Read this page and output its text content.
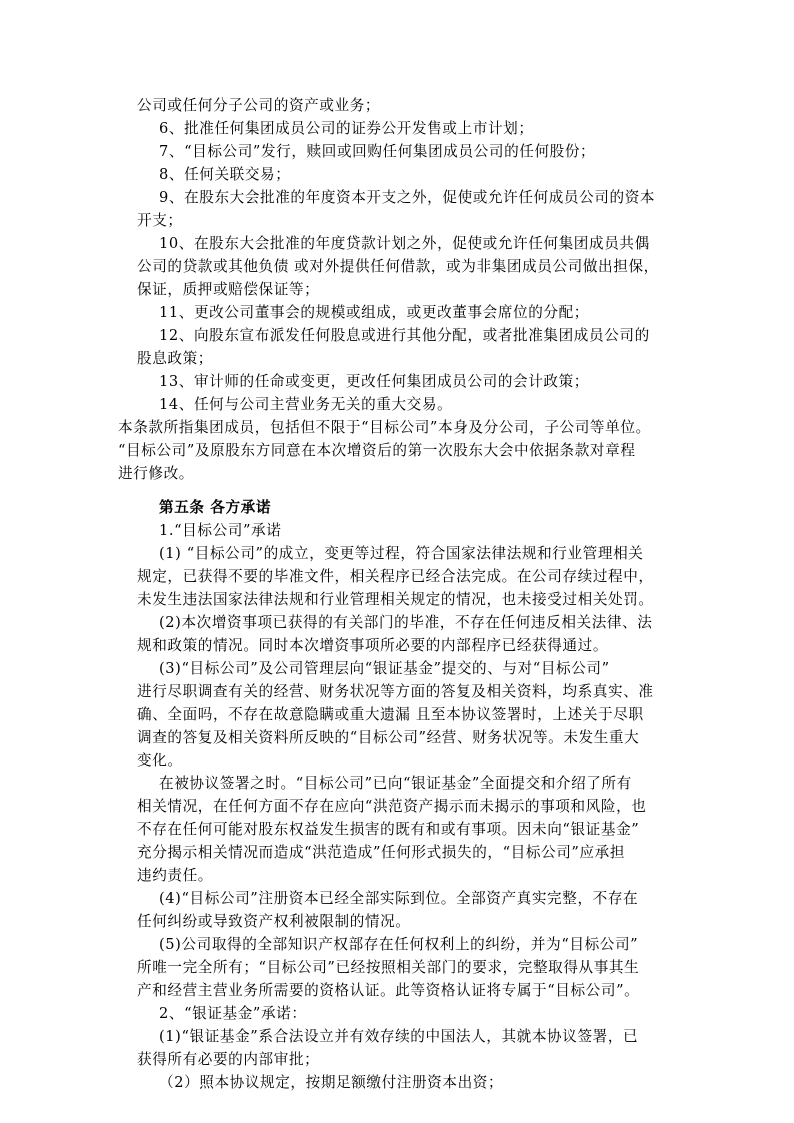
公司或任何分子公司的资产或业务；
6、批准任何集团成员公司的证券公开发售或上市计划；
7、“目标公司”发行，赎回或回购任何集团成员公司的任何股份；
8、任何关联交易；
9、在股东大会批准的年度资本开支之外，促使或允许任何成员公司的资本
开支；
10、在股东大会批准的年度贷款计划之外，促使或允许任何集团成员共偶
公司的贷款或其他负债 或对外提供任何借款，或为非集团成员公司做出担保，
保证，质押或赔偿保证等；
11、更改公司董事会的规模或组成，或更改董事会席位的分配；
12、向股东宣布派发任何股息或进行其他分配，或者批准集团成员公司的
股息政策；
13、审计师的任命或变更，更改任何集团成员公司的会计政策；
14、任何与公司主营业务无关的重大交易。
本条款所指集团成员，包括但不限于“目标公司”本身及分公司，子公司等单位。
“目标公司”及原股东方同意在本次增资后的第一次股东大会中依据条款对章程
进行修改。
第五条 各方承诺
1.“目标公司”承诺
(1) “目标公司”的成立，变更等过程，符合国家法律法规和行业管理相关
规定，已获得不要的毕准文件，相关程序已经合法完成。在公司存续过程中，
未发生违法国家法律法规和行业管理相关规定的情况，也未接受过相关处罚。
(2)本次增资事项已获得的有关部门的毕准，不存在任何违反相关法律、法
规和政策的情况。同时本次增资事项所必要的内部程序已经获得通过。
(3)“目标公司”及公司管理层向“银证基金”提交的、与对“目标公司”
进行尽职调查有关的经营、财务状况等方面的答复及相关资料，均系真实、准
确、全面吗，不存在故意隐瞒或重大遗漏 且至本协议签署时，上述关于尽职
调查的答复及相关资料所反映的“目标公司”经营、财务状况等。未发生重大
变化。
在被协议签署之时。“目标公司”已向“银证基金”全面提交和介绍了所有
相关情况，在任何方面不存在应向“洪范资产揭示而未揭示的事项和风险，也
不存在任何可能对股东权益发生损害的既有和或有事项。因未向“银证基金”
充分揭示相关情况而造成“洪范造成”任何形式损失的，“目标公司”应承担
违约责任。
(4)“目标公司”注册资本已经全部实际到位。全部资产真实完整，不存在
任何纠纷或导致资产权利被限制的情况。
(5)公司取得的全部知识产权部存在任何权利上的纠纷，并为“目标公司”
所唯一完全所有；“目标公司”已经按照相关部门的要求，完整取得从事其生
产和经营主营业务所需要的资格认证。此等资格认证将专属于“目标公司”。
2、“银证基金”承诺：
(1)“银证基金”系合法设立并有效存续的中国法人，其就本协议签署，已
获得所有必要的内部审批；
（2）照本协议规定，按期足额缴付注册资本出资；
